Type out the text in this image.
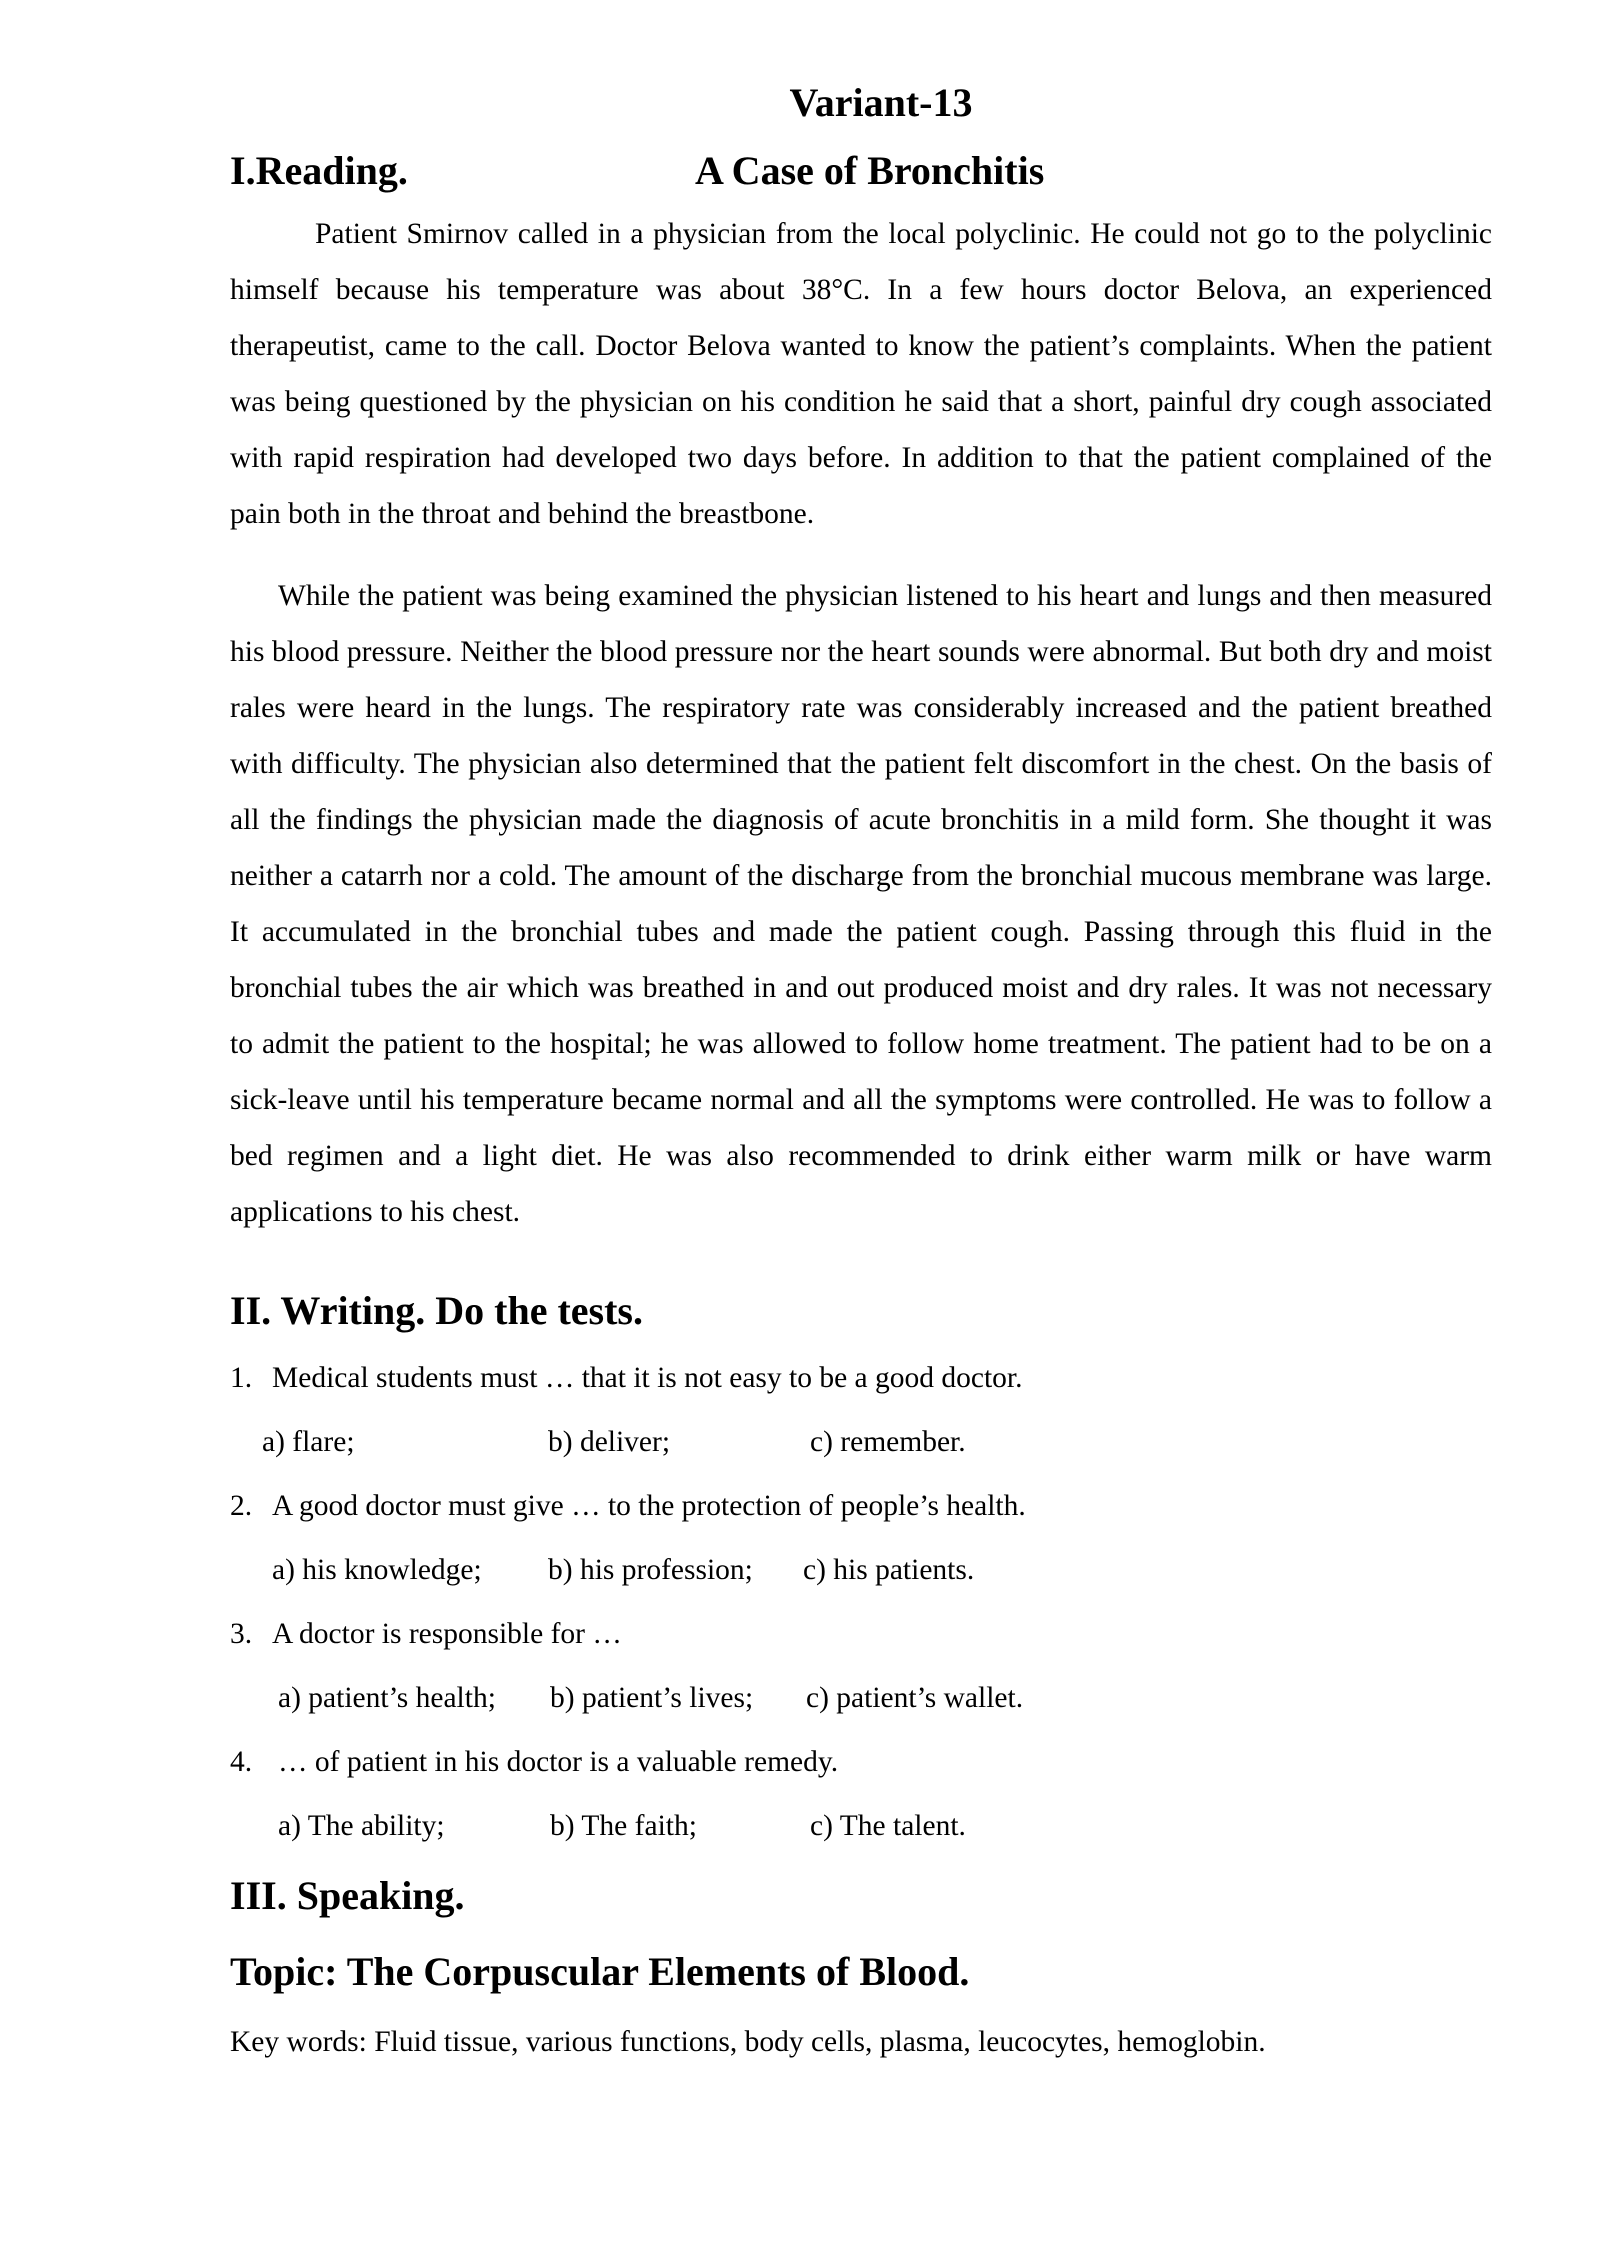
Variant-13
I.Reading.	A Case of Bronchitis

Patient Smirnov called in a physician from the local polyclinic. He could not go to the polyclinic himself because his temperature was about 38°C. In a few hours doctor Belova, an experienced therapeutist, came to the call. Doctor Belova wanted to know the patient’s complaints. When the patient was being questioned by the physician on his condition he said that a short, painful dry cough associated with rapid respiration had developed two days before. In addition to that the patient complained of the pain both in the throat and behind the breastbone.

While the patient was being examined the physician listened to his heart and lungs and then measured his blood pressure. Neither the blood pressure nor the heart sounds were abnormal. But both dry and moist rales were heard in the lungs. The respiratory rate was considerably increased and the patient breathed with difficulty. The physician also determined that the patient felt discomfort in the chest. On the basis of all the findings the physician made the diagnosis of acute bronchitis in a mild form. She thought it was neither a catarrh nor a cold. The amount of the discharge from the bronchial mucous membrane was large. It accumulated in the bronchial tubes and made the patient cough. Passing through this fluid in the bronchial tubes the air which was breathed in and out produced moist and dry rales. It was not necessary to admit the patient to the hospital; he was allowed to follow home treatment. The patient had to be on a sick-leave until his temperature became normal and all the symptoms were controlled. He was to follow a bed regimen and a light diet. He was also recommended to drink either warm milk or have warm applications to his chest.

II. Writing. Do the tests.
1. Medical students must … that it is not easy to be a good doctor.
a) flare;	b) deliver;	c) remember.
2. A good doctor must give … to the protection of people’s health.
a) his knowledge; b) his profession; c) his patients.
3. A doctor is responsible for …
a) patient’s health; b) patient’s lives; c) patient’s wallet.
4. … of patient in his doctor is a valuable remedy.
a) The ability;	b) The faith;	c) The talent.
III. Speaking.
Topic: The Corpuscular Elements of Blood.

Key words: Fluid tissue, various functions, body cells, plasma, leucocytes, hemoglobin.
